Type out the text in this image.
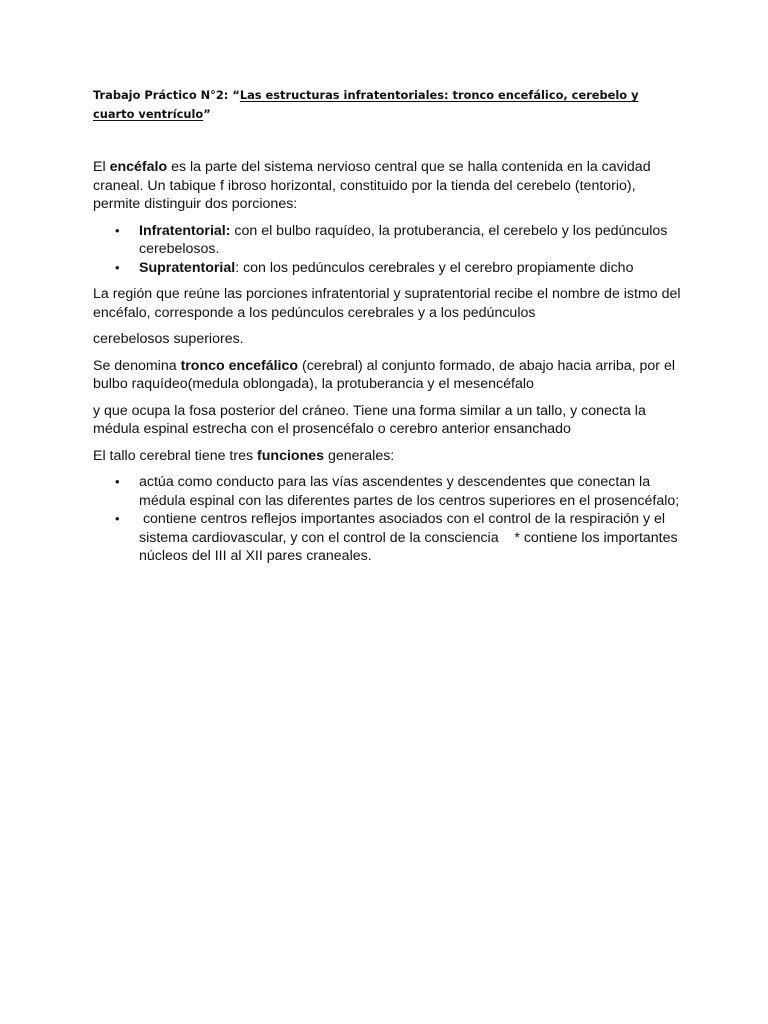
Trabajo Práctico N°2: “Las estructuras infratentoriales: tronco encefálico, cerebelo y cuarto ventrículo”

El encéfalo es la parte del sistema nervioso central que se halla contenida en la cavidad craneal. Un tabique f ibroso horizontal, constituido por la tienda del cerebelo (tentorio), permite distinguir dos porciones:

• Infratentorial: con el bulbo raquídeo, la protuberancia, el cerebelo y los pedúnculos cerebelosos.
• Supratentorial: con los pedúnculos cerebrales y el cerebro propiamente dicho

La región que reúne las porciones infratentorial y supratentorial recibe el nombre de istmo del encéfalo, corresponde a los pedúnculos cerebrales y a los pedúnculos

cerebelosos superiores.

Se denomina tronco encefálico (cerebral) al conjunto formado, de abajo hacia arriba, por el bulbo raquídeo(medula oblongada), la protuberancia y el mesencéfalo

y que ocupa la fosa posterior del cráneo. Tiene una forma similar a un tallo, y conecta la médula espinal estrecha con el prosencéfalo o cerebro anterior ensanchado

El tallo cerebral tiene tres funciones generales:

• actúa como conducto para las vías ascendentes y descendentes que conectan la médula espinal con las diferentes partes de los centros superiores en el prosencéfalo;
• contiene centros reflejos importantes asociados con el control de la respiración y el sistema cardiovascular, y con el control de la consciencia    * contiene los importantes núcleos del III al XII pares craneales.
